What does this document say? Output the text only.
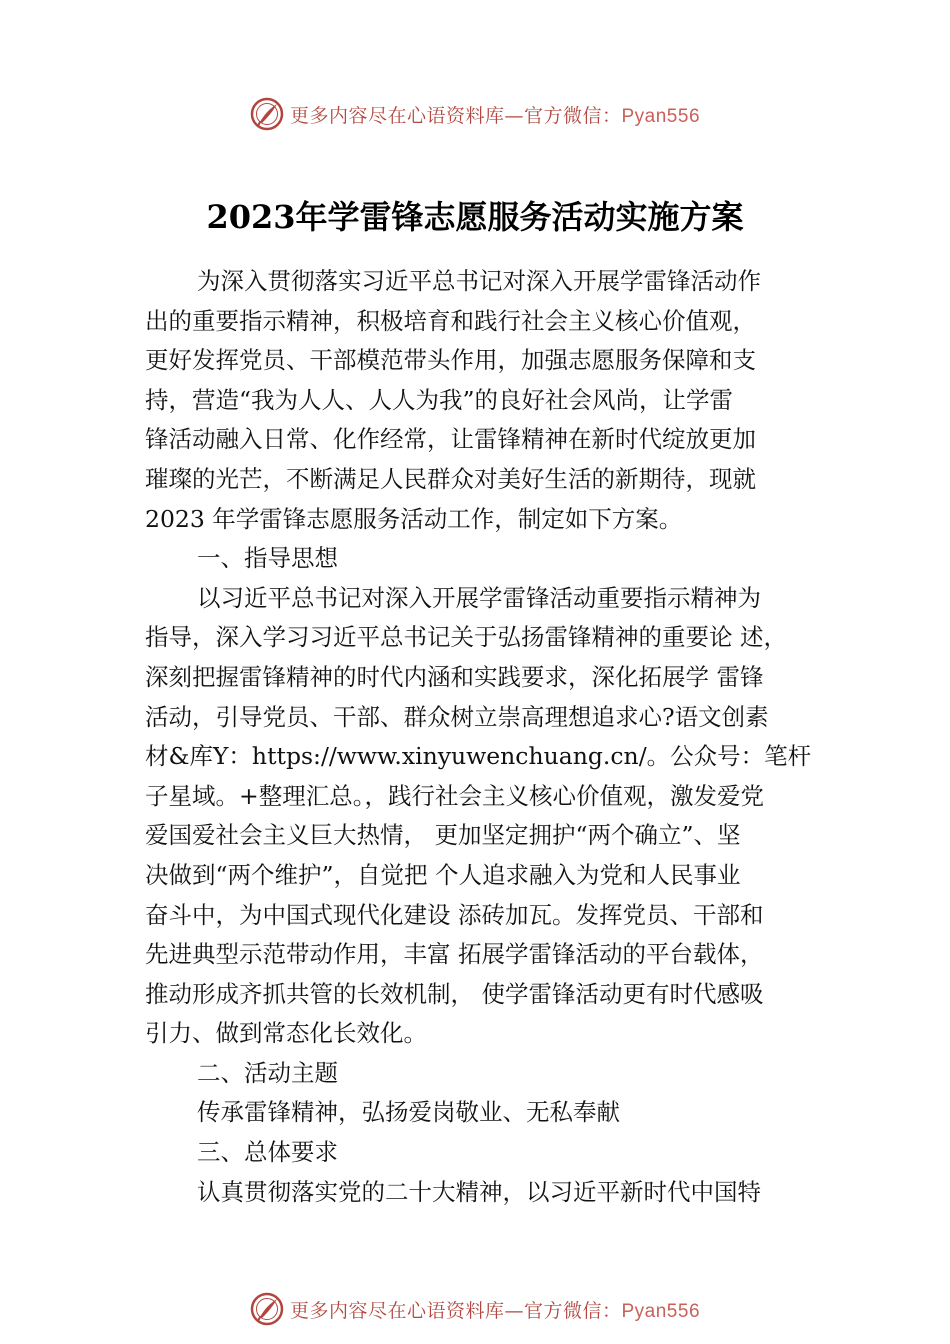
更多内容尽在心语资料库—官方微信：Pyan556
2023年学雷锋志愿服务活动实施方案
为深入贯彻落实习近平总书记对深入开展学雷锋活动作
出的重要指示精神，积极培育和践行社会主义核心价值观，
更好发挥党员、干部模范带头作用，加强志愿服务保障和支
持，营造“我为人人、人人为我”的良好社会风尚，让学雷
锋活动融入日常、化作经常，让雷锋精神在新时代绽放更加
璀璨的光芒，不断满足人民群众对美好生活的新期待，现就
2023 年学雷锋志愿服务活动工作，制定如下方案。
一、指导思想
以习近平总书记对深入开展学雷锋活动重要指示精神为
指导，深入学习习近平总书记关于弘扬雷锋精神的重要论 述，
深刻把握雷锋精神的时代内涵和实践要求，深化拓展学 雷锋
活动，引导党员、干部、群众树立崇高理想追求心?语文创素
材&库Y：https://www.xinyuwenchuang.cn/。公众号：笔杆
子星域。+整理汇总。，践行社会主义核心价值观，激发爱党
爱国爱社会主义巨大热情， 更加坚定拥护“两个确立”、坚
决做到“两个维护”，自觉把 个人追求融入为党和人民事业
奋斗中，为中国式现代化建设 添砖加瓦。发挥党员、干部和
先进典型示范带动作用，丰富 拓展学雷锋活动的平台载体，
推动形成齐抓共管的长效机制， 使学雷锋活动更有时代感吸
引力、做到常态化长效化。
二、活动主题
传承雷锋精神，弘扬爱岗敬业、无私奉献
三、总体要求
认真贯彻落实党的二十大精神，以习近平新时代中国特
更多内容尽在心语资料库—官方微信：Pyan556
